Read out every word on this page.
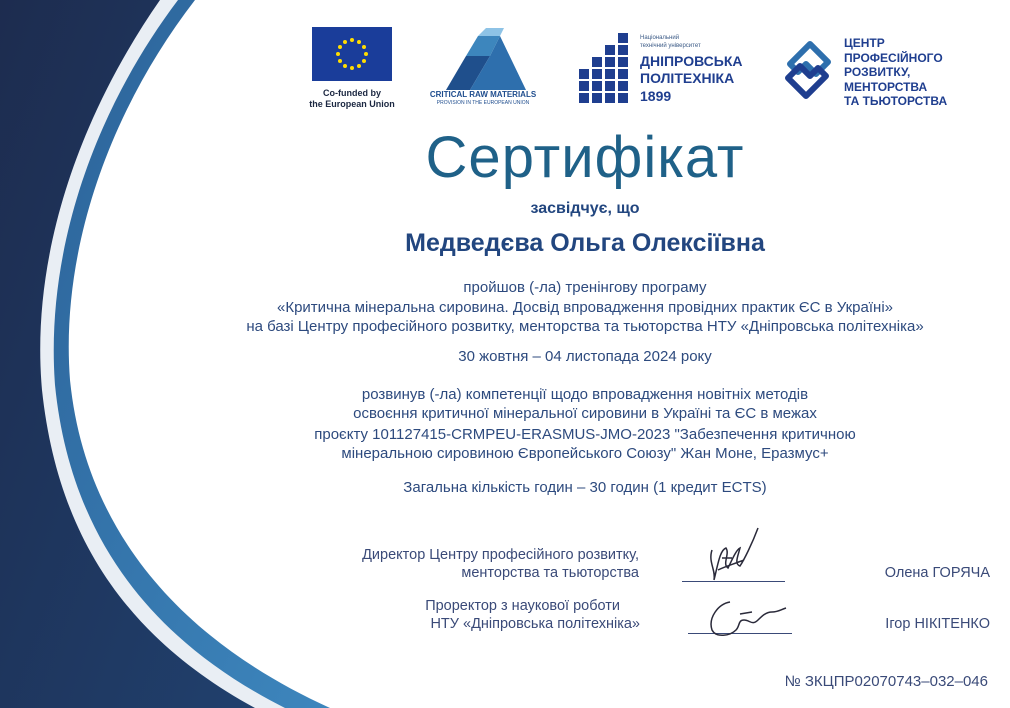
Co-funded by
the European Union
CRITICAL RAW MATERIALS
PROVISION IN THE EUROPEAN UNION
Національний
технічний університет
ДНІПРОВСЬКА
ПОЛІТЕХНІКА
1899
ЦЕНТР
ПРОФЕСІЙНОГО
РОЗВИТКУ,
МЕНТОРСТВА
ТА ТЬЮТОРСТВА
Сертифікат
засвідчує, що
Медведєва Ольга Олексіївна
пройшов (-ла) тренінгову програму
«Критична мінеральна сировина. Досвід впровадження провідних практик ЄС в Україні»
на базі Центру професійного розвитку, менторства та тьюторства НТУ «Дніпровська політехніка»
30 жовтня – 04 листопада 2024 року
розвинув (-ла) компетенції щодо впровадження новітніх методів
освоєння критичної мінеральної сировини в Україні та ЄС в межах
проєкту 101127415-CRMPEU-ERASMUS-JMO-2023 "Забезпечення критичною
мінеральною сировиною Європейського Союзу" Жан Моне, Еразмус+
Загальна кількість годин – 30 годин (1 кредит ECTS)
Директор Центру професійного розвитку,
менторства та тьюторства	Олена ГОРЯЧА
Проректор з наукової роботи
НТУ «Дніпровська політехніка»	Ігор НІКІТЕНКО
№ ЗКЦПР02070743–032–046
